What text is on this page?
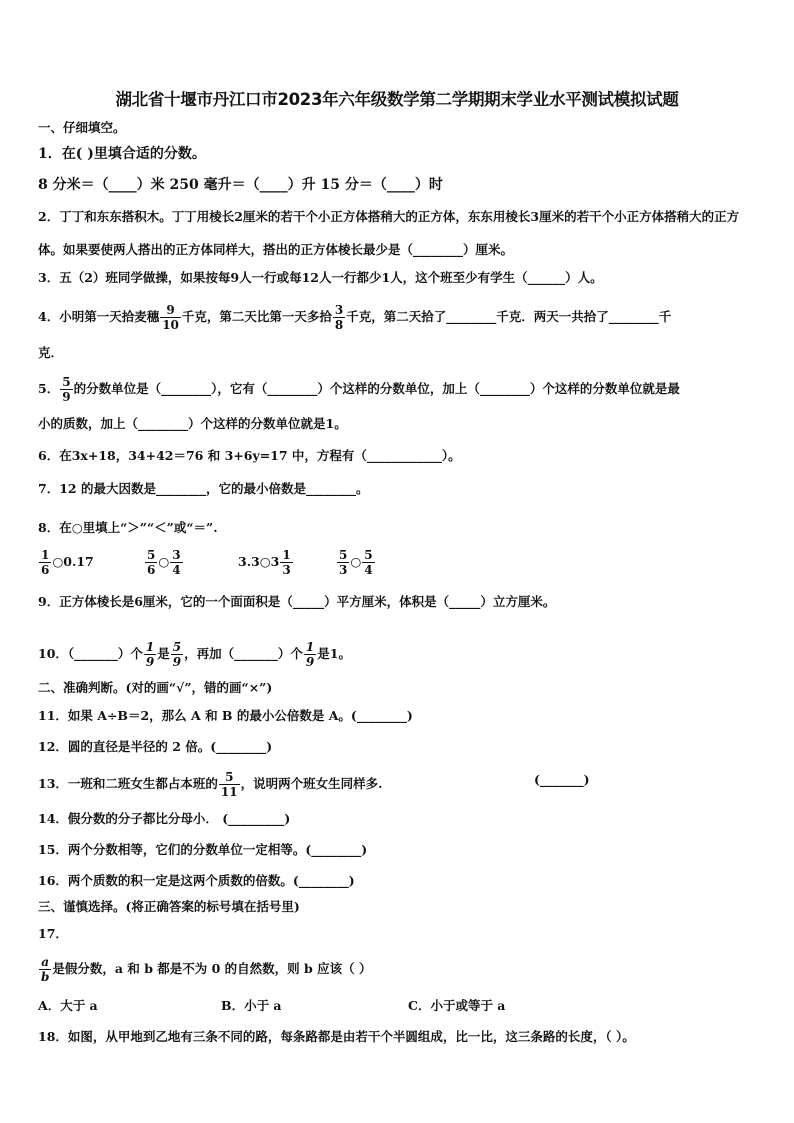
湖北省十堰市丹江口市2023年六年级数学第二学期期末学业水平测试模拟试题
一、仔细填空。
1．在( )里填合适的分数。
8 分米＝（____）米 250 毫升＝（____）升 15 分＝（____）时
2．丁丁和东东搭积木。丁丁用棱长2厘米的若干个小正方体搭稍大的正方体，东东用棱长3厘米的若干个小正方体搭稍大的正方体。如果要使两人搭出的正方体同样大，搭出的正方体棱长最少是（________）厘米。
3．五（2）班同学做操，如果按每9人一行或每12人一行都少1人，这个班至少有学生（______）人。
4．小明第一天拾麦穗 $\frac{9}{10}$ 千克，第二天比第一天多拾 $\frac{3}{8}$ 千克，第二天拾了________千克．两天一共拾了________千
克．
5． $\frac{5}{9}$ 的分数单位是（________），它有（________）个这样的分数单位，加上（________）个这样的分数单位就是最
小的质数，加上（________）个这样的分数单位就是1。
6．在3x+18，34+42＝76 和 3+6y=17 中，方程有（____________）。
7．12 的最大因数是________，它的最小倍数是________。
8．在○里填上“＞”“＜”或“＝”.
$\frac{1}{6}$ ○0.17	$\frac{5}{6}$ ○ $\frac{3}{4}$	3.3○3 $\frac{1}{3}$	$\frac{5}{3}$ ○ $\frac{5}{4}$
9．正方体棱长是6厘米，它的一个面面积是（_____）平方厘米，体积是（_____）立方厘米。
10．（_______）个 $\frac{1}{9}$ 是 $\frac{5}{9}$ ，再加（_______）个 $\frac{1}{9}$ 是1。
二、准确判断。(对的画“√”，错的画“×”)
11．如果 A÷B＝2，那么 A 和 B 的最小公倍数是 A。(________)
12．圆的直径是半径的 2 倍。(________)
13．一班和二班女生都占本班的 $\frac{5}{11}$ ，说明两个班女生同样多.	(_______)
14．假分数的分子都比分母小． (_________)
15．两个分数相等，它们的分数单位一定相等。(________)
16．两个质数的积一定是这两个质数的倍数。(________)
三、谨慎选择。(将正确答案的标号填在括号里)
17．
$\frac{a}{b}$ 是假分数，a 和 b 都是不为 0 的自然数，则 b 应该（ ）
A．大于 a	B．小于 a	C．小于或等于 a
18．如图，从甲地到乙地有三条不同的路，每条路都是由若干个半圆组成，比一比，这三条路的长度，（ ）。
